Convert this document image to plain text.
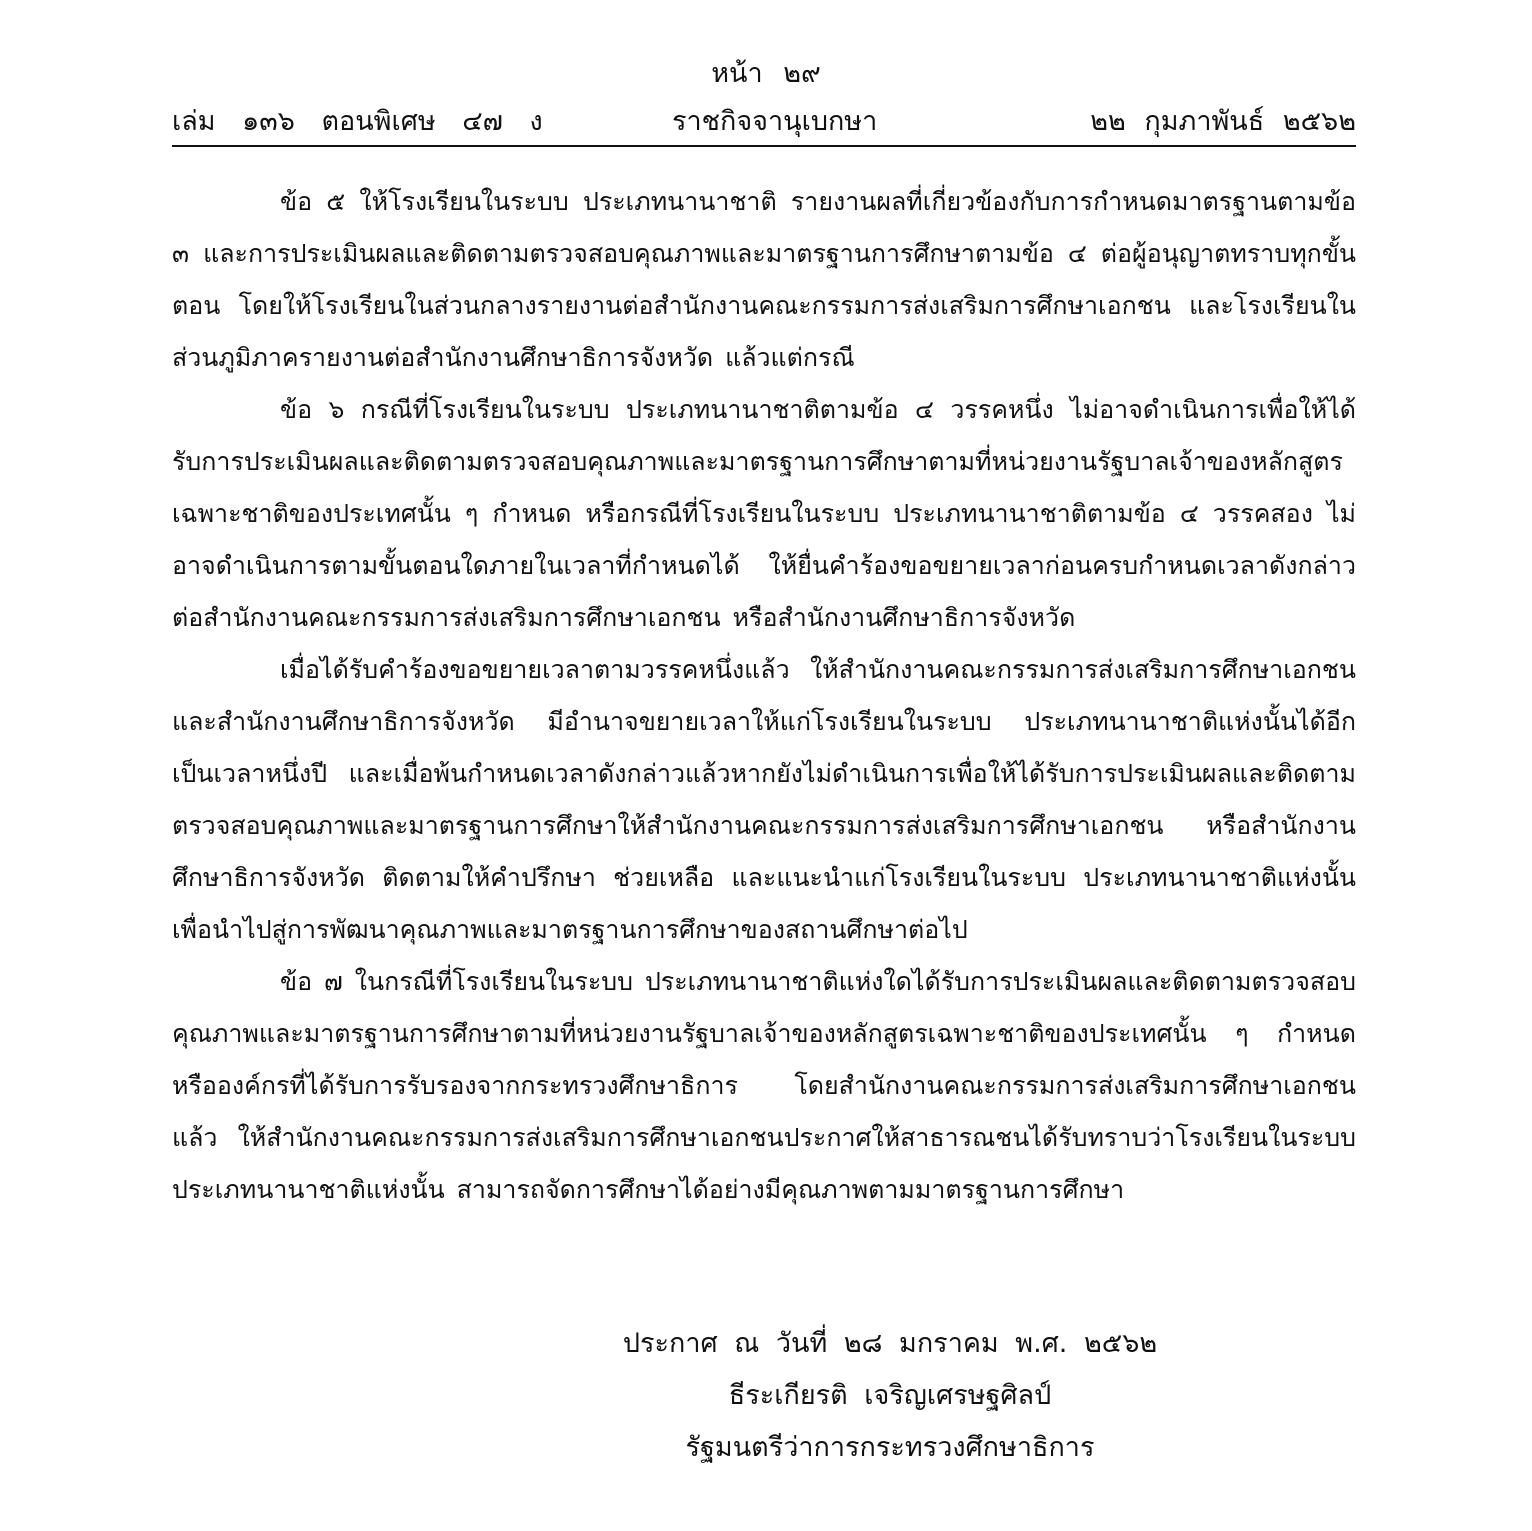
หน้า ๒๙
เล่ม ๑๓๖ ตอนพิเศษ ๔๗ ง	ราชกิจจานุเบกษา	๒๒ กุมภาพันธ์ ๒๕๖๒

ข้อ ๕ ให้โรงเรียนในระบบ ประเภทนานาชาติ รายงานผลที่เกี่ยวข้องกับการกำหนดมาตรฐานตามข้อ ๓ และการประเมินผลและติดตามตรวจสอบคุณภาพและมาตรฐานการศึกษาตามข้อ ๔ ต่อผู้อนุญาตทราบทุกขั้นตอน โดยให้โรงเรียนในส่วนกลางรายงานต่อสำนักงานคณะกรรมการส่งเสริมการศึกษาเอกชน และโรงเรียนในส่วนภูมิภาครายงานต่อสำนักงานศึกษาธิการจังหวัด แล้วแต่กรณี

ข้อ ๖ กรณีที่โรงเรียนในระบบ ประเภทนานาชาติตามข้อ ๔ วรรคหนึ่ง ไม่อาจดำเนินการเพื่อให้ได้รับการประเมินผลและติดตามตรวจสอบคุณภาพและมาตรฐานการศึกษาตามที่หน่วยงานรัฐบาลเจ้าของหลักสูตรเฉพาะชาติของประเทศนั้น ๆ กำหนด หรือกรณีที่โรงเรียนในระบบ ประเภทนานาชาติตามข้อ ๔ วรรคสอง ไม่อาจดำเนินการตามขั้นตอนใดภายในเวลาที่กำหนดได้ ให้ยื่นคำร้องขอขยายเวลาก่อนครบกำหนดเวลาดังกล่าวต่อสำนักงานคณะกรรมการส่งเสริมการศึกษาเอกชน หรือสำนักงานศึกษาธิการจังหวัด

เมื่อได้รับคำร้องขอขยายเวลาตามวรรคหนึ่งแล้ว ให้สำนักงานคณะกรรมการส่งเสริมการศึกษาเอกชนและสำนักงานศึกษาธิการจังหวัด มีอำนาจขยายเวลาให้แก่โรงเรียนในระบบ ประเภทนานาชาติแห่งนั้นได้อีกเป็นเวลาหนึ่งปี และเมื่อพ้นกำหนดเวลาดังกล่าวแล้วหากยังไม่ดำเนินการเพื่อให้ได้รับการประเมินผลและติดตามตรวจสอบคุณภาพและมาตรฐานการศึกษาให้สำนักงานคณะกรรมการส่งเสริมการศึกษาเอกชน หรือสำนักงานศึกษาธิการจังหวัด ติดตามให้คำปรึกษา ช่วยเหลือ และแนะนำแก่โรงเรียนในระบบ ประเภทนานาชาติแห่งนั้น เพื่อนำไปสู่การพัฒนาคุณภาพและมาตรฐานการศึกษาของสถานศึกษาต่อไป

ข้อ ๗ ในกรณีที่โรงเรียนในระบบ ประเภทนานาชาติแห่งใดได้รับการประเมินผลและติดตามตรวจสอบคุณภาพและมาตรฐานการศึกษาตามที่หน่วยงานรัฐบาลเจ้าของหลักสูตรเฉพาะชาติของประเทศนั้น ๆ กำหนด หรือองค์กรที่ได้รับการรับรองจากกระทรวงศึกษาธิการ โดยสำนักงานคณะกรรมการส่งเสริมการศึกษาเอกชนแล้ว ให้สำนักงานคณะกรรมการส่งเสริมการศึกษาเอกชนประกาศให้สาธารณชนได้รับทราบว่าโรงเรียนในระบบ ประเภทนานาชาติแห่งนั้น สามารถจัดการศึกษาได้อย่างมีคุณภาพตามมาตรฐานการศึกษา

ประกาศ ณ วันที่ ๒๘ มกราคม พ.ศ. ๒๕๖๒
ธีระเกียรติ เจริญเศรษฐศิลป์
รัฐมนตรีว่าการกระทรวงศึกษาธิการ
